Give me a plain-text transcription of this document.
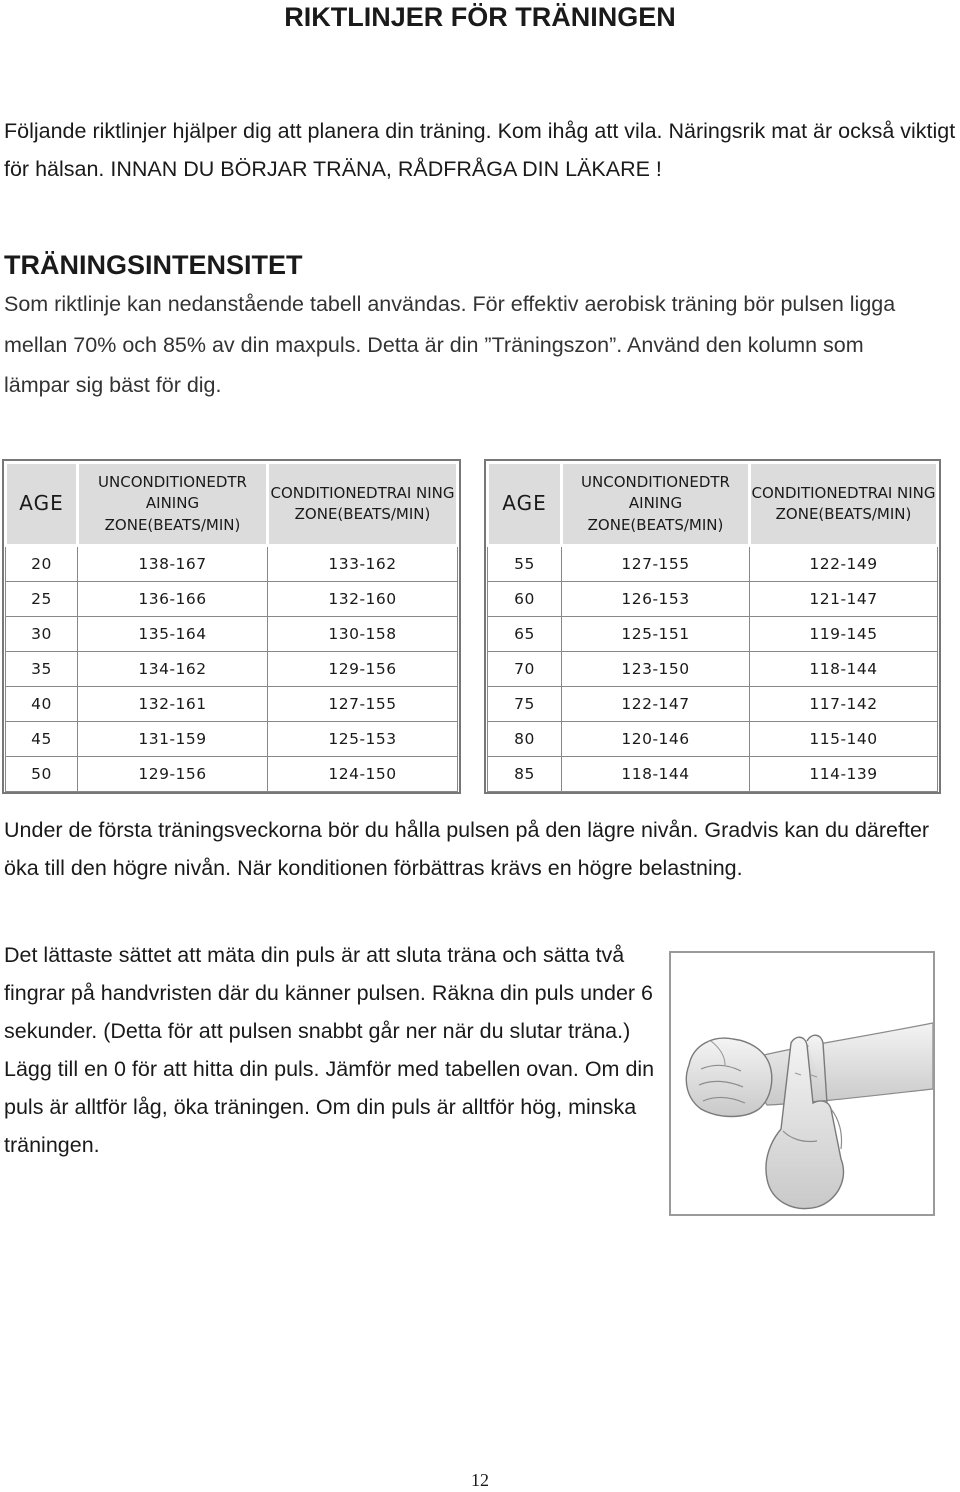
RIKTLINJER FÖR TRÄNINGEN

Följande riktlinjer hjälper dig att planera din träning. Kom ihåg att vila. Näringsrik mat är också viktigt för hälsan. INNAN DU BÖRJAR TRÄNA, RÅDFRÅGA DIN LÄKARE !

TRÄNINGSINTENSITET

Som riktlinje kan nedanstående tabell användas. För effektiv aerobisk träning bör pulsen ligga mellan 70% och 85% av din maxpuls. Detta är din ”Träningszon”. Använd den kolumn som lämpar sig bäst för dig.

AGE	UNCONDITIONEDTR AINING ZONE(BEATS/MIN)	CONDITIONEDTRAI NING ZONE(BEATS/MIN)
20	138-167	133-162
25	136-166	132-160
30	135-164	130-158
35	134-162	129-156
40	132-161	127-155
45	131-159	125-153
50	129-156	124-150
AGE	UNCONDITIONEDTR AINING ZONE(BEATS/MIN)	CONDITIONEDTRAI NING ZONE(BEATS/MIN)
55	127-155	122-149
60	126-153	121-147
65	125-151	119-145
70	123-150	118-144
75	122-147	117-142
80	120-146	115-140
85	118-144	114-139

Under de första träningsveckorna bör du hålla pulsen på den lägre nivån. Gradvis kan du därefter öka till den högre nivån. När konditionen förbättras krävs en högre belastning.

Det lättaste sättet att mäta din puls är att sluta träna och sätta två fingrar på handvristen där du känner pulsen. Räkna din puls under 6 sekunder. (Detta för att pulsen snabbt går ner när du slutar träna.) Lägg till en 0 för att hitta din puls. Jämför med tabellen ovan. Om din puls är alltför låg, öka träningen. Om din puls är alltför hög, minska träningen.

12
